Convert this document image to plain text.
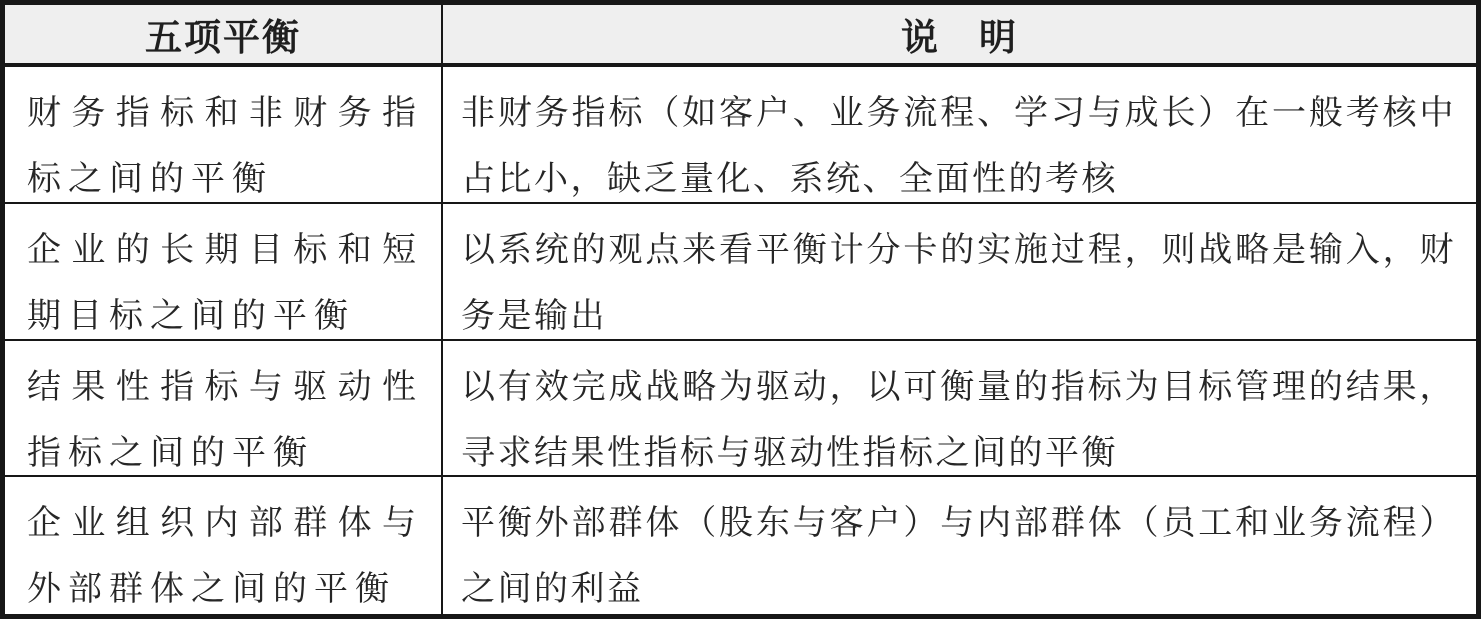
五项平衡	说　明
财务指标和非财务指标之间的平衡
非财务指标（如客户、业务流程、学习与成长）在一般考核中占比小，缺乏量化、系统、全面性的考核
企业的长期目标和短期目标之间的平衡
以系统的观点来看平衡计分卡的实施过程，则战略是输入，财务是输出
结果性指标与驱动性指标之间的平衡
以有效完成战略为驱动，以可衡量的指标为目标管理的结果，寻求结果性指标与驱动性指标之间的平衡
企业组织内部群体与外部群体之间的平衡
平衡外部群体（股东与客户）与内部群体（员工和业务流程）之间的利益
